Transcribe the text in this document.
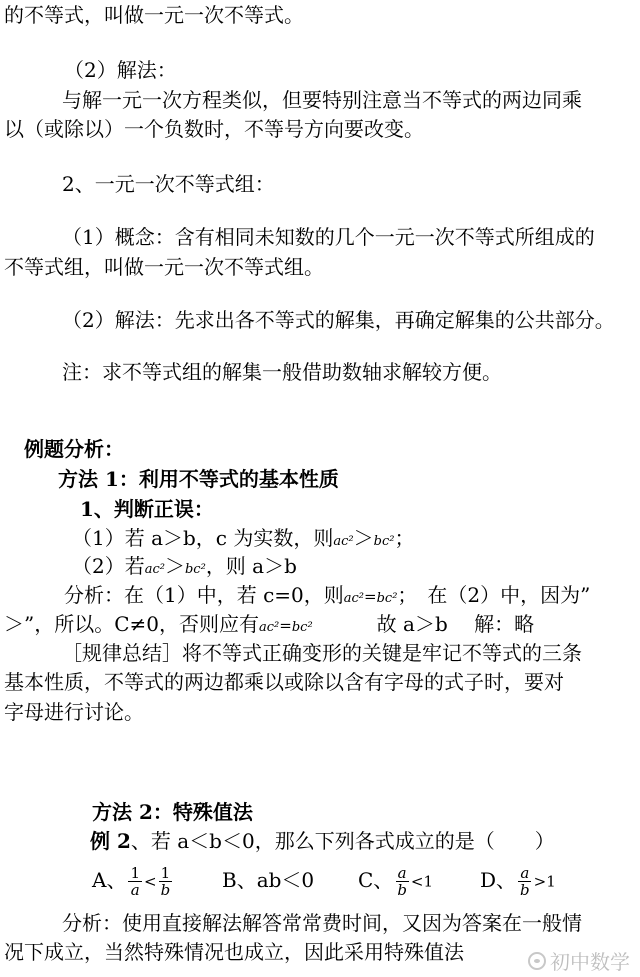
的不等式，叫做一元一次不等式。
（2）解法：
与解一元一次方程类似，但要特别注意当不等式的两边同乘
以（或除以）一个负数时，不等号方向要改变。
2、一元一次不等式组：
（1）概念：含有相同未知数的几个一元一次不等式所组成的
不等式组，叫做一元一次不等式组。
（2）解法：先求出各不等式的解集，再确定解集的公共部分。
注：求不等式组的解集一般借助数轴求解较方便。
例题分析：
方法 1：利用不等式的基本性质
1、判断正误：
（1）若 a＞b，c 为实数，则ac²＞bc²；
（2）若ac²＞bc²，则 a＞b
分析：在（1）中，若 c=0，则ac²=bc²；　在（2）中，因为”
＞”，所以。C≠0，否则应有ac²=bc²	故 a＞b　 解：略
［规律总结］将不等式正确变形的关键是牢记不等式的三条
基本性质，不等式的两边都乘以或除以含有字母的式子时，要对
字母进行讨论。
方法 2：特殊值法
例 2、若 a＜b＜0，那么下列各式成立的是（　　）
A、 $\frac{1}{a} < \frac{1}{b}$ B、ab＜0 C、 $\frac{a}{b} <1$ D、 $\frac{a}{b} >1$
分析：使用直接解法解答常常费时间，又因为答案在一般情
况下成立，当然特殊情况也成立，因此采用特殊值法	初中数学
